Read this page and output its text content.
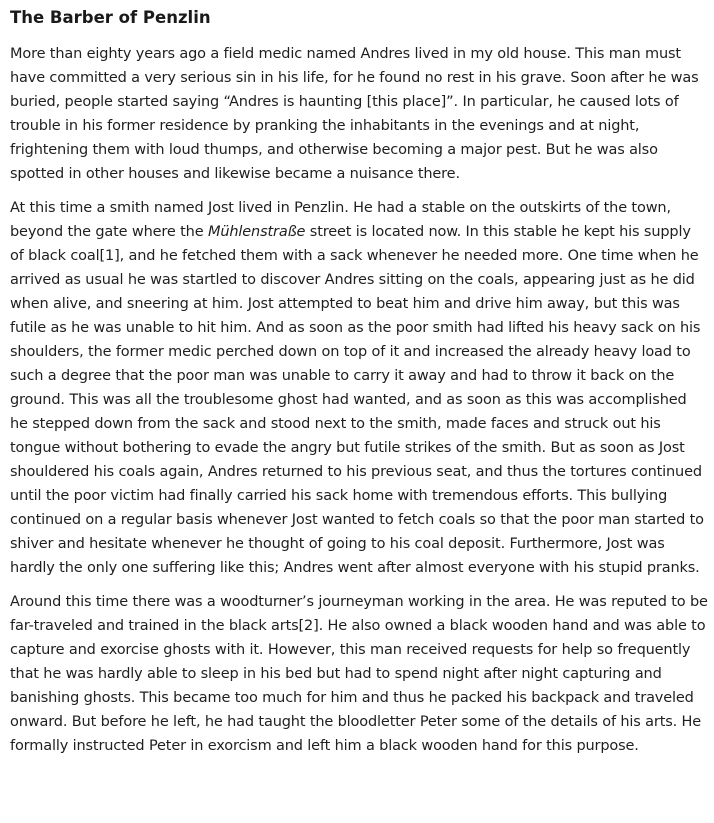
The Barber of Penzlin

More than eighty years ago a field medic named Andres lived in my old house. This man must have committed a very serious sin in his life, for he found no rest in his grave. Soon after he was buried, people started saying “Andres is haunting [this place]”. In particular, he caused lots of trouble in his former residence by pranking the inhabitants in the evenings and at night, frightening them with loud thumps, and otherwise becoming a major pest. But he was also spotted in other houses and likewise became a nuisance there.

At this time a smith named Jost lived in Penzlin. He had a stable on the outskirts of the town, beyond the gate where the Mühlenstraße street is located now. In this stable he kept his supply of black coal[1], and he fetched them with a sack whenever he needed more. One time when he arrived as usual he was startled to discover Andres sitting on the coals, appearing just as he did when alive, and sneering at him. Jost attempted to beat him and drive him away, but this was futile as he was unable to hit him. And as soon as the poor smith had lifted his heavy sack on his shoulders, the former medic perched down on top of it and increased the already heavy load to such a degree that the poor man was unable to carry it away and had to throw it back on the ground. This was all the troublesome ghost had wanted, and as soon as this was accomplished he stepped down from the sack and stood next to the smith, made faces and struck out his tongue without bothering to evade the angry but futile strikes of the smith. But as soon as Jost shouldered his coals again, Andres returned to his previous seat, and thus the tortures continued until the poor victim had finally carried his sack home with tremendous efforts. This bullying continued on a regular basis whenever Jost wanted to fetch coals so that the poor man started to shiver and hesitate whenever he thought of going to his coal deposit. Furthermore, Jost was hardly the only one suffering like this; Andres went after almost everyone with his stupid pranks.

Around this time there was a woodturner’s journeyman working in the area. He was reputed to be far-traveled and trained in the black arts[2]. He also owned a black wooden hand and was able to capture and exorcise ghosts with it. However, this man received requests for help so frequently that he was hardly able to sleep in his bed but had to spend night after night capturing and banishing ghosts. This became too much for him and thus he packed his backpack and traveled onward. But before he left, he had taught the bloodletter Peter some of the details of his arts. He formally instructed Peter in exorcism and left him a black wooden hand for this purpose.
